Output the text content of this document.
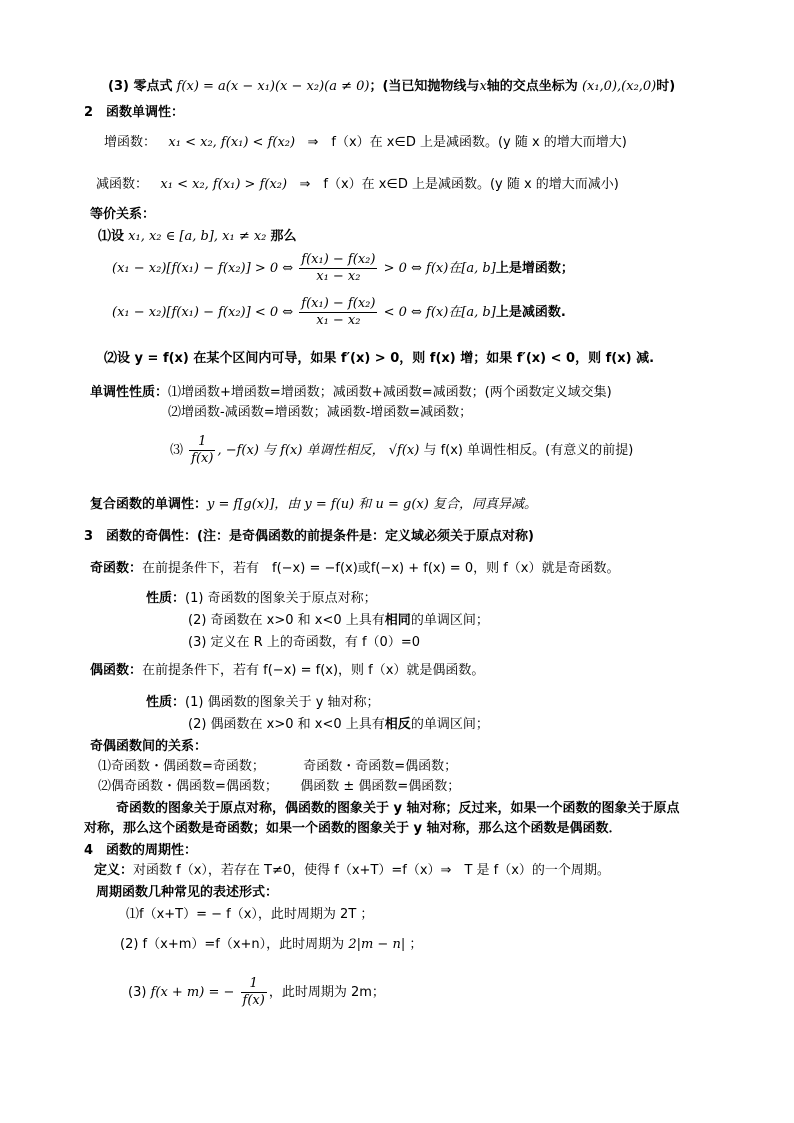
(3) 零点式 f(x) = a(x − x₁)(x − x₂)(a ≠ 0)；(当已知抛物线与x轴的交点坐标为 (x₁,0),(x₂,0)时)
2　函数单调性：
增函数： x₁ < x₂, f(x₁) < f(x₂) ⇒　f（x）在 x∈D 上是减函数。(y 随 x 的增大而增大)
减函数： x₁ < x₂, f(x₁) > f(x₂) ⇒　f（x）在 x∈D 上是减函数。(y 随 x 的增大而减小)
等价关系：
⑴设 x₁, x₂ ∈ [a, b], x₁ ≠ x₂ 那么
(x₁ − x₂)[f(x₁) − f(x₂)] > 0 ⇔ $\frac{\text{f(x₁) − f(x₂)}}{\text{x₁ − x₂}} > 0$ ⇔ f(x)在[a, b]上是增函数；
(x₁ − x₂)[f(x₁) − f(x₂)] < 0 ⇔ $\frac{\text{f(x₁) − f(x₂)}}{\text{x₁ − x₂}} < 0$ ⇔ f(x)在[a, b]上是减函数.
⑵设 y = f(x) 在某个区间内可导，如果 f′(x) > 0，则 f(x) 增；如果 f′(x) < 0，则 f(x) 减.
单调性性质：⑴增函数+增函数=增函数；减函数+减函数=减函数；(两个函数定义域交集)
⑵增函数-减函数=增函数；减函数-增函数=减函数；
⑶ $\frac{1}{f(x)}$ , −f(x) 与 f(x) 单调性相反， √f(x) 与 f(x) 单调性相反。(有意义的前提)
复合函数的单调性：y = f[g(x)]，由 y = f(u) 和 u = g(x) 复合，同真异减。
3　函数的奇偶性：(注：是奇偶函数的前提条件是：定义域必须关于原点对称)
奇函数：在前提条件下，若有　f(−x) = −f(x)或f(−x) + f(x) = 0，则 f（x）就是奇函数。
性质：(1) 奇函数的图象关于原点对称；
(2) 奇函数在 x>0 和 x<0 上具有相同的单调区间；
(3) 定义在 R 上的奇函数，有 f（0）=0
偶函数：在前提条件下，若有 f(−x) = f(x)，则 f（x）就是偶函数。
性质：(1) 偶函数的图象关于 y 轴对称；
(2) 偶函数在 x>0 和 x<0 上具有相反的单调区间；
奇偶函数间的关系：
⑴奇函数・偶函数=奇函数；	奇函数・奇函数=偶函数；
⑵偶奇函数・偶函数=偶函数； 偶函数 ± 偶函数=偶函数；
奇函数的图象关于原点对称，偶函数的图象关于 y 轴对称；反过来，如果一个函数的图象关于原点
对称，那么这个函数是奇函数；如果一个函数的图象关于 y 轴对称，那么这个函数是偶函数．
4　函数的周期性：
定义：对函数 f（x），若存在 T≠0，使得 f（x+T）=f（x）⇒　T 是 f（x）的一个周期。
周期函数几种常见的表述形式：
⑴f（x+T）= − f（x），此时周期为 2T ；
(2) f（x+m）=f（x+n），此时周期为 2|m − n| ；
(3) f(x + m) = − $\frac{1}{f(x)}$ ，此时周期为 2m；
